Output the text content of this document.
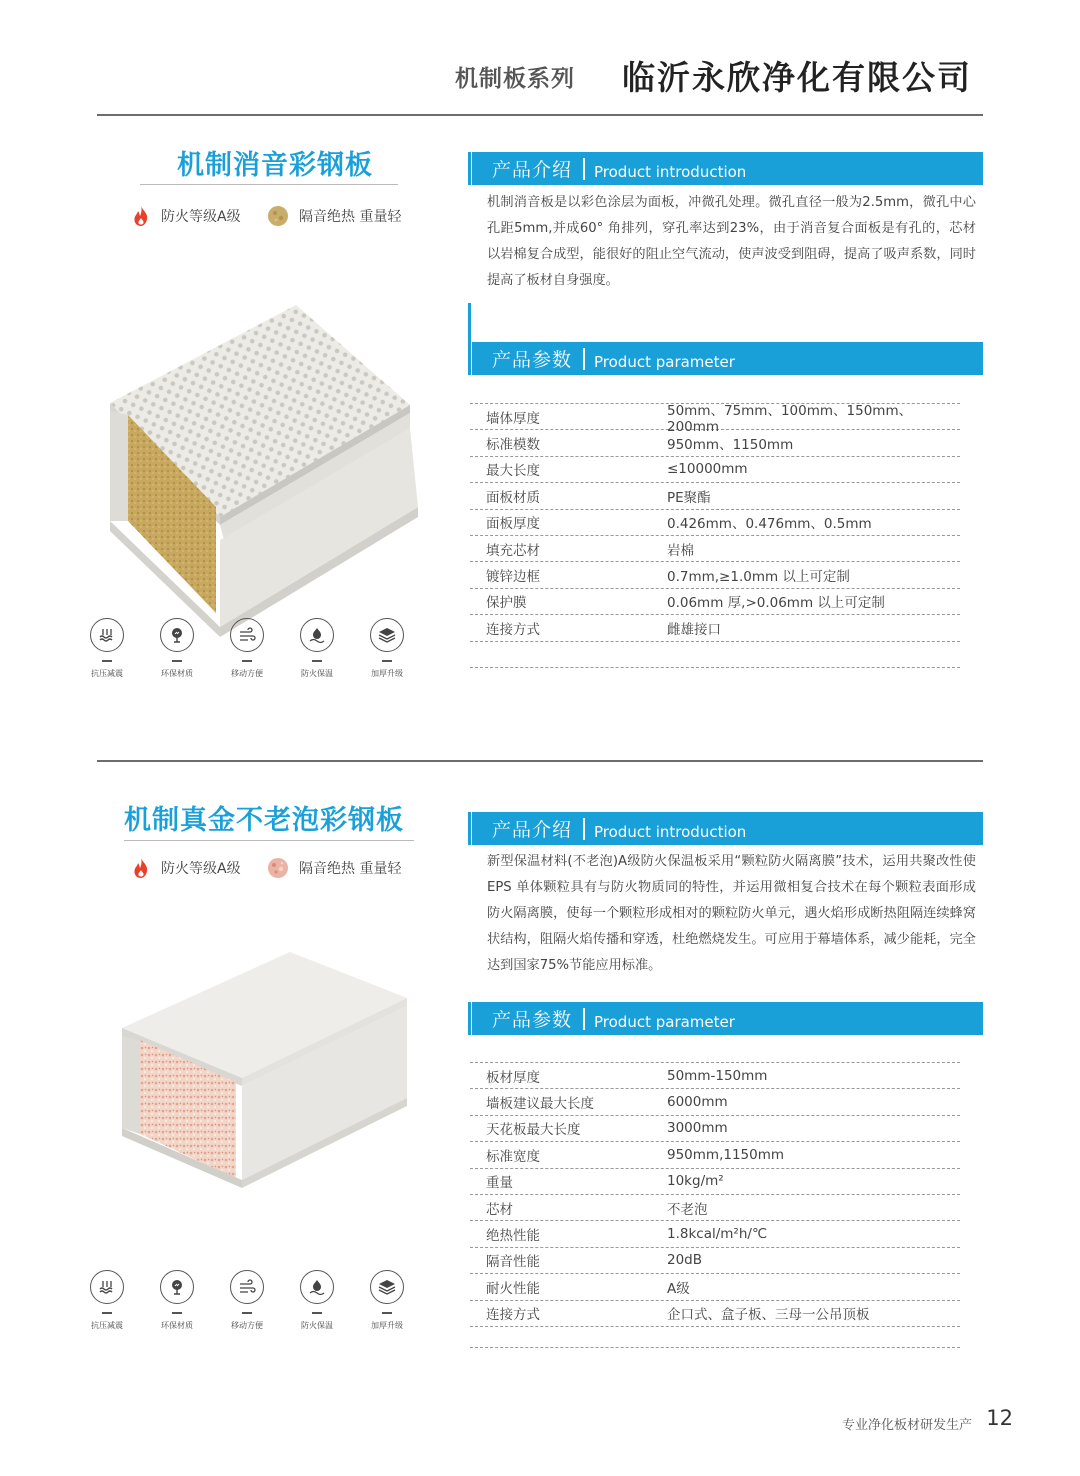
机制板系列 临沂永欣净化有限公司
机制消音彩钢板
防火等级A级	隔音绝热 重量轻
产品介绍 Product introduction
机制消音板是以彩色涂层为面板，冲微孔处理。微孔直径一般为2.5mm，微孔中心孔距5mm,并成60° 角排列，穿孔率达到23%，由于消音复合面板是有孔的，芯材以岩棉复合成型，能很好的阻止空气流动，使声波受到阻碍，提高了吸声系数，同时提高了板材自身强度。
产品参数 Product parameter
墙体厚度	50mm、75mm、100mm、150mm、200mm
标准模数	950mm、1150mm
最大长度	≤10000mm
面板材质	PE聚酯
面板厚度	0.426mm、0.476mm、0.5mm
填充芯材	岩棉
镀锌边框	0.7mm,≥1.0mm 以上可定制
保护膜	0.06mm 厚,>0.06mm 以上可定制
连接方式	雌雄接口
抗压减震	环保材质	移动方便	防火保温	加厚升级
机制真金不老泡彩钢板
防火等级A级	隔音绝热 重量轻
产品介绍 Product introduction
新型保温材料(不老泡)A级防火保温板采用“颗粒防火隔离膜”技术，运用共聚改性使EPS 单体颗粒具有与防火物质同的特性，并运用微相复合技术在每个颗粒表面形成防火隔离膜，使每一个颗粒形成相对的颗粒防火单元，遇火焰形成断热阻隔连续蜂窝状结构，阻隔火焰传播和穿透，杜绝燃烧发生。可应用于幕墙体系，减少能耗，完全达到国家75%节能应用标准。
产品参数 Product parameter
板材厚度	50mm-150mm
墙板建议最大长度	6000mm
天花板最大长度	3000mm
标准宽度	950mm,1150mm
重量	10kg/m²
芯材	不老泡
绝热性能	1.8kcal/m²h/℃
隔音性能	20dB
耐火性能	A级
连接方式	企口式、盒子板、三母一公吊顶板
抗压减震	环保材质	移动方便	防火保温	加厚升级
专业净化板材研发生产 12
